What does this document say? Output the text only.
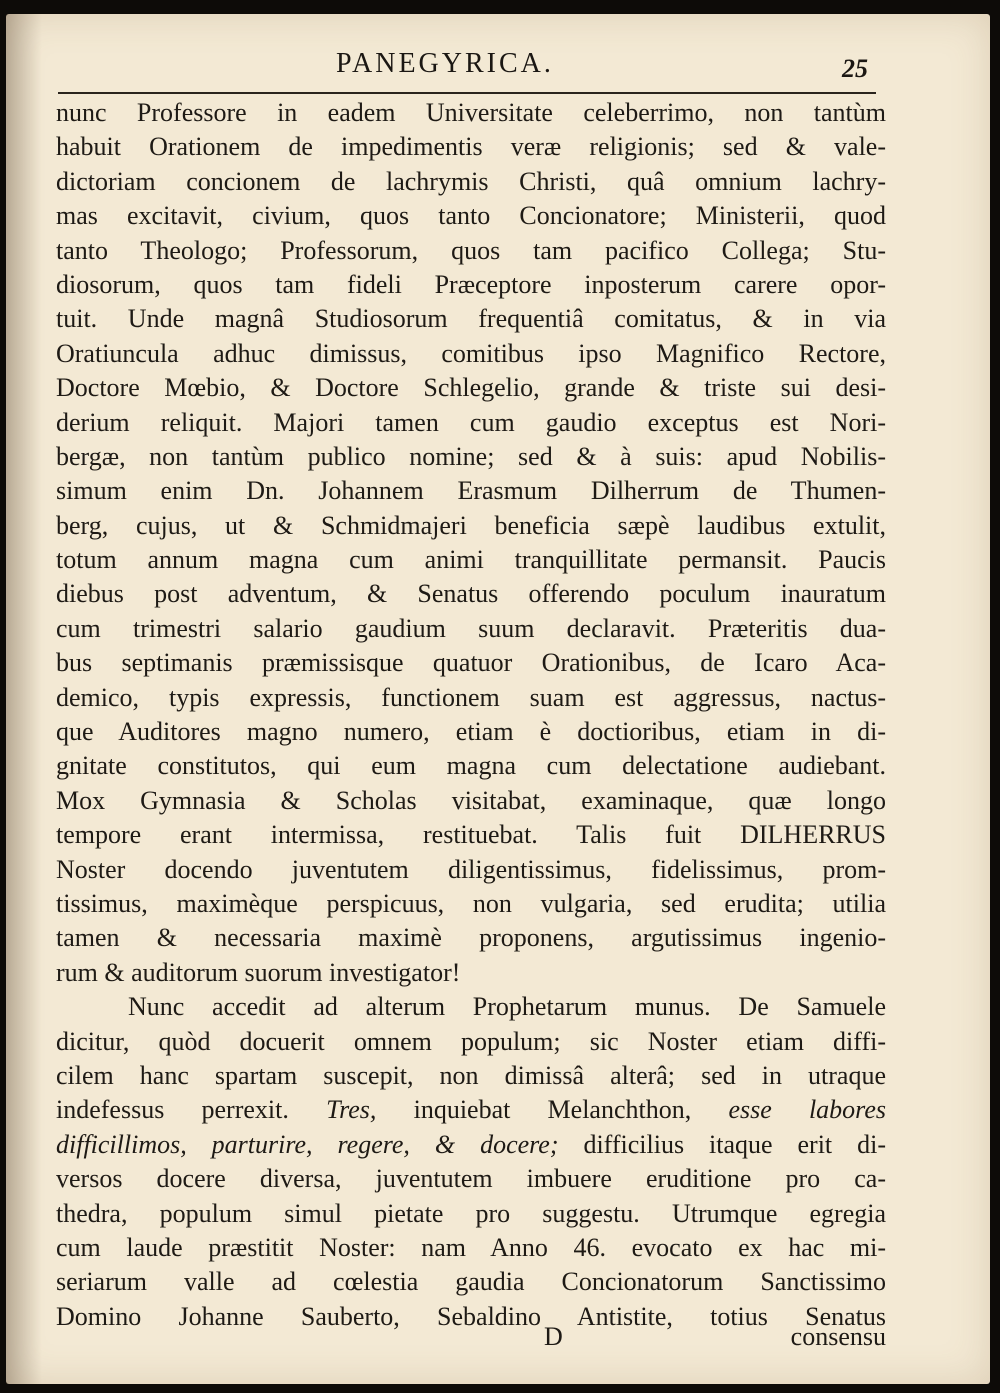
PANEGYRICA.	25
nunc Professore in eadem Universitate celeberrimo, non tantùm
habuit Orationem de impedimentis veræ religionis; sed & vale-
dictoriam concionem de lachrymis Christi, quâ omnium lachry-
mas excitavit, civium, quos tanto Concionatore; Ministerii, quod
tanto Theologo; Professorum, quos tam pacifico Collega; Stu-
diosorum, quos tam fideli Præceptore inposterum carere opor-
tuit. Unde magnâ Studiosorum frequentiâ comitatus, & in via
Oratiuncula adhuc dimissus, comitibus ipso Magnifico Rectore,
Doctore Mœbio, & Doctore Schlegelio, grande & triste sui desi-
derium reliquit. Majori tamen cum gaudio exceptus est Nori-
bergæ, non tantùm publico nomine; sed & à suis: apud Nobilis-
simum enim Dn. Johannem Erasmum Dilherrum de Thumen-
berg, cujus, ut & Schmidmajeri beneficia sæpè laudibus extulit,
totum annum magna cum animi tranquillitate permansit. Paucis
diebus post adventum, & Senatus offerendo poculum inauratum
cum trimestri salario gaudium suum declaravit. Præteritis dua-
bus septimanis præmissisque quatuor Orationibus, de Icaro Aca-
demico, typis expressis, functionem suam est aggressus, nactus-
que Auditores magno numero, etiam è doctioribus, etiam in di-
gnitate constitutos, qui eum magna cum delectatione audiebant.
Mox Gymnasia & Scholas visitabat, examinaque, quæ longo
tempore erant intermissa, restituebat. Talis fuit DILHERRUS
Noster docendo juventutem diligentissimus, fidelissimus, prom-
tissimus, maximèque perspicuus, non vulgaria, sed erudita; utilia
tamen & necessaria maximè proponens, argutissimus ingenio-
rum & auditorum suorum investigator!
Nunc accedit ad alterum Prophetarum munus. De Samuele
dicitur, quòd docuerit omnem populum; sic Noster etiam diffi-
cilem hanc spartam suscepit, non dimissâ alterâ; sed in utraque
indefessus perrexit. Tres, inquiebat Melanchthon, esse labores
difficillimos, parturire, regere, & docere; difficilius itaque erit di-
versos docere diversa, juventutem imbuere eruditione pro ca-
thedra, populum simul pietate pro suggestu. Utrumque egregia
cum laude præstitit Noster: nam Anno 46. evocato ex hac mi-
seriarum valle ad cœlestia gaudia Concionatorum Sanctissimo
Domino Johanne Sauberto, Sebaldino Antistite, totius Senatus
D	consensu
